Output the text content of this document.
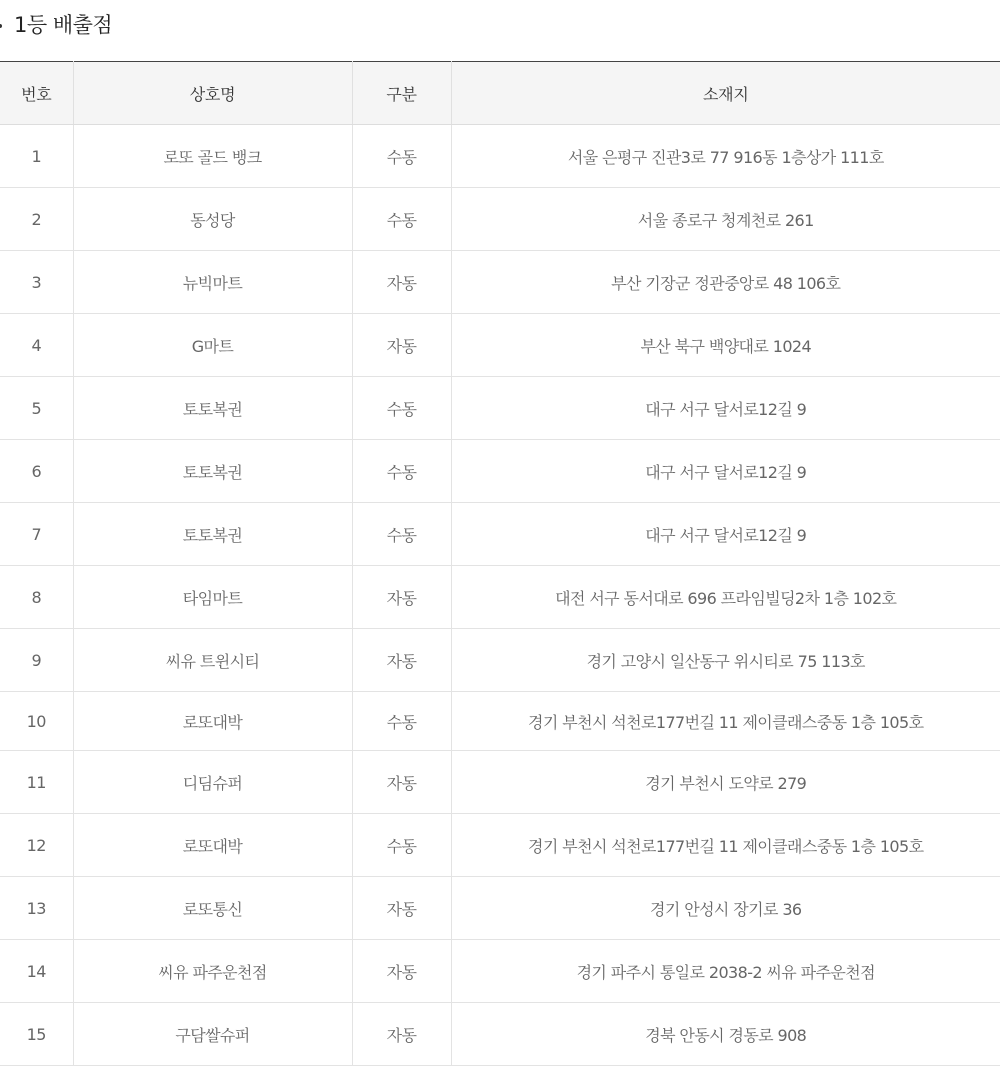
1등 배출점
번호	상호명	구분	소재지
1	로또 골드 뱅크	수동	서울 은평구 진관3로 77 916동 1층상가 111호
2	동성당	수동	서울 종로구 청계천로 261
3	뉴빅마트	자동	부산 기장군 정관중앙로 48 106호
4	G마트	자동	부산 북구 백양대로 1024
5	토토복권	수동	대구 서구 달서로12길 9
6	토토복권	수동	대구 서구 달서로12길 9
7	토토복권	수동	대구 서구 달서로12길 9
8	타임마트	자동	대전 서구 동서대로 696 프라임빌딩2차 1층 102호
9	씨유 트윈시티	자동	경기 고양시 일산동구 위시티로 75 113호
10	로또대박	수동	경기 부천시 석천로177번길 11 제이클래스중동 1층 105호
11	디딤슈퍼	자동	경기 부천시 도약로 279
12	로또대박	수동	경기 부천시 석천로177번길 11 제이클래스중동 1층 105호
13	로또통신	자동	경기 안성시 장기로 36
14	씨유 파주운천점	자동	경기 파주시 통일로 2038-2 씨유 파주운천점
15	구담쌀슈퍼	자동	경북 안동시 경동로 908
